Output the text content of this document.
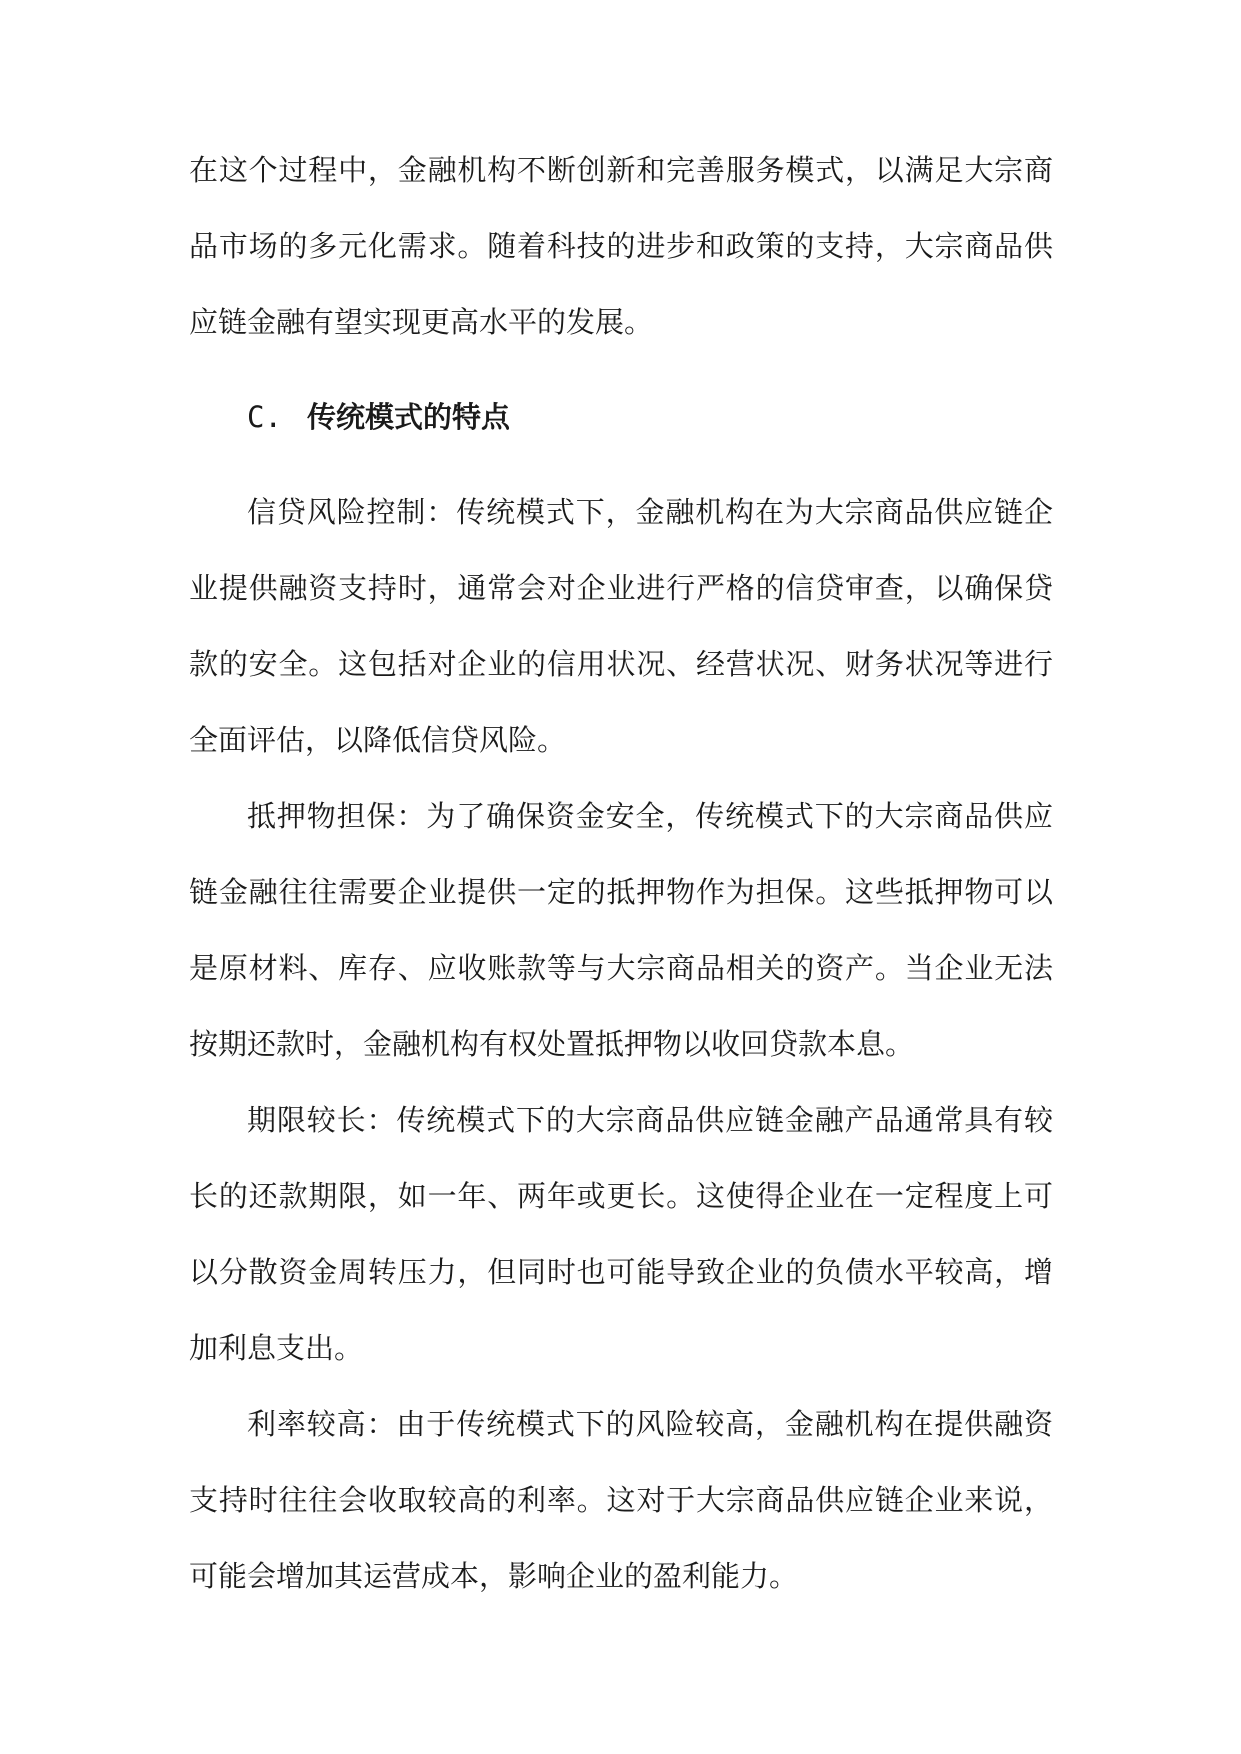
在这个过程中，金融机构不断创新和完善服务模式，以满足大宗商品市场的多元化需求。随着科技的进步和政策的支持，大宗商品供应链金融有望实现更高水平的发展。

C. 传统模式的特点

信贷风险控制：传统模式下，金融机构在为大宗商品供应链企业提供融资支持时，通常会对企业进行严格的信贷审查，以确保贷款的安全。这包括对企业的信用状况、经营状况、财务状况等进行全面评估，以降低信贷风险。

抵押物担保：为了确保资金安全，传统模式下的大宗商品供应链金融往往需要企业提供一定的抵押物作为担保。这些抵押物可以是原材料、库存、应收账款等与大宗商品相关的资产。当企业无法按期还款时，金融机构有权处置抵押物以收回贷款本息。

期限较长：传统模式下的大宗商品供应链金融产品通常具有较长的还款期限，如一年、两年或更长。这使得企业在一定程度上可以分散资金周转压力，但同时也可能导致企业的负债水平较高，增加利息支出。

利率较高：由于传统模式下的风险较高，金融机构在提供融资支持时往往会收取较高的利率。这对于大宗商品供应链企业来说，可能会增加其运营成本，影响企业的盈利能力。
